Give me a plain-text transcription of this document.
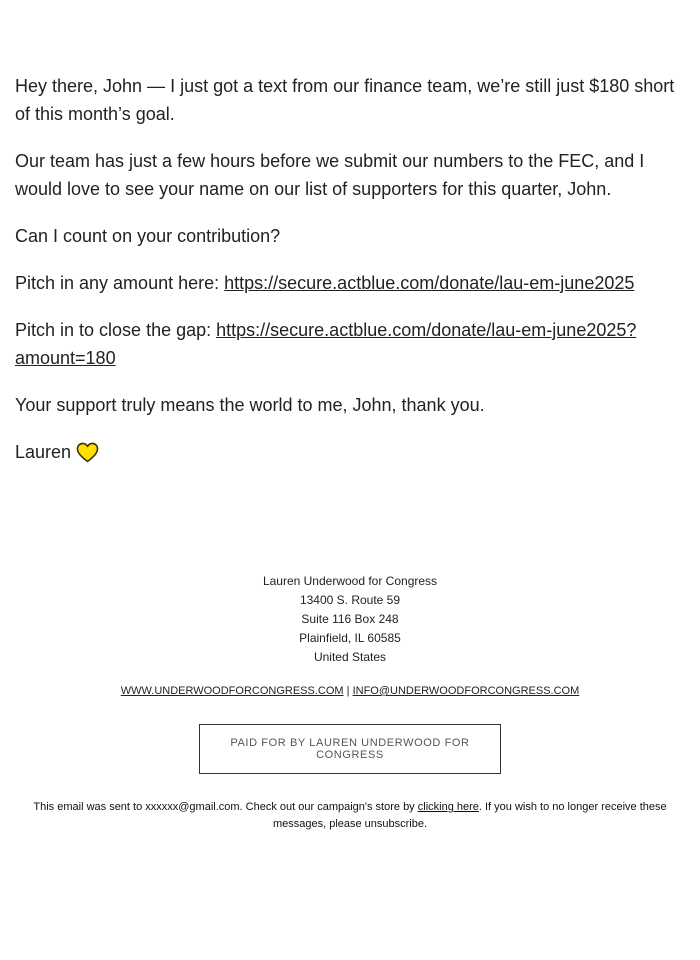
Hey there, John — I just got a text from our finance team, we’re still just $180 short of this month’s goal.

Our team has just a few hours before we submit our numbers to the FEC, and I would love to see your name on our list of supporters for this quarter, John.

Can I count on your contribution?

Pitch in any amount here: https://secure.actblue.com/donate/lau-em-june2025

Pitch in to close the gap: https://secure.actblue.com/donate/lau-em-june2025?amount=180

Your support truly means the world to me, John, thank you.

Lauren

Lauren Underwood for Congress
13400 S. Route 59
Suite 116 Box 248
Plainfield, IL 60585
United States
WWW.UNDERWOODFORCONGRESS.COM | INFO@UNDERWOODFORCONGRESS.COM
PAID FOR BY LAUREN UNDERWOOD FOR CONGRESS
This email was sent to xxxxxx@gmail.com. Check out our campaign's store by clicking here. If you wish to no longer receive these messages, please unsubscribe.
